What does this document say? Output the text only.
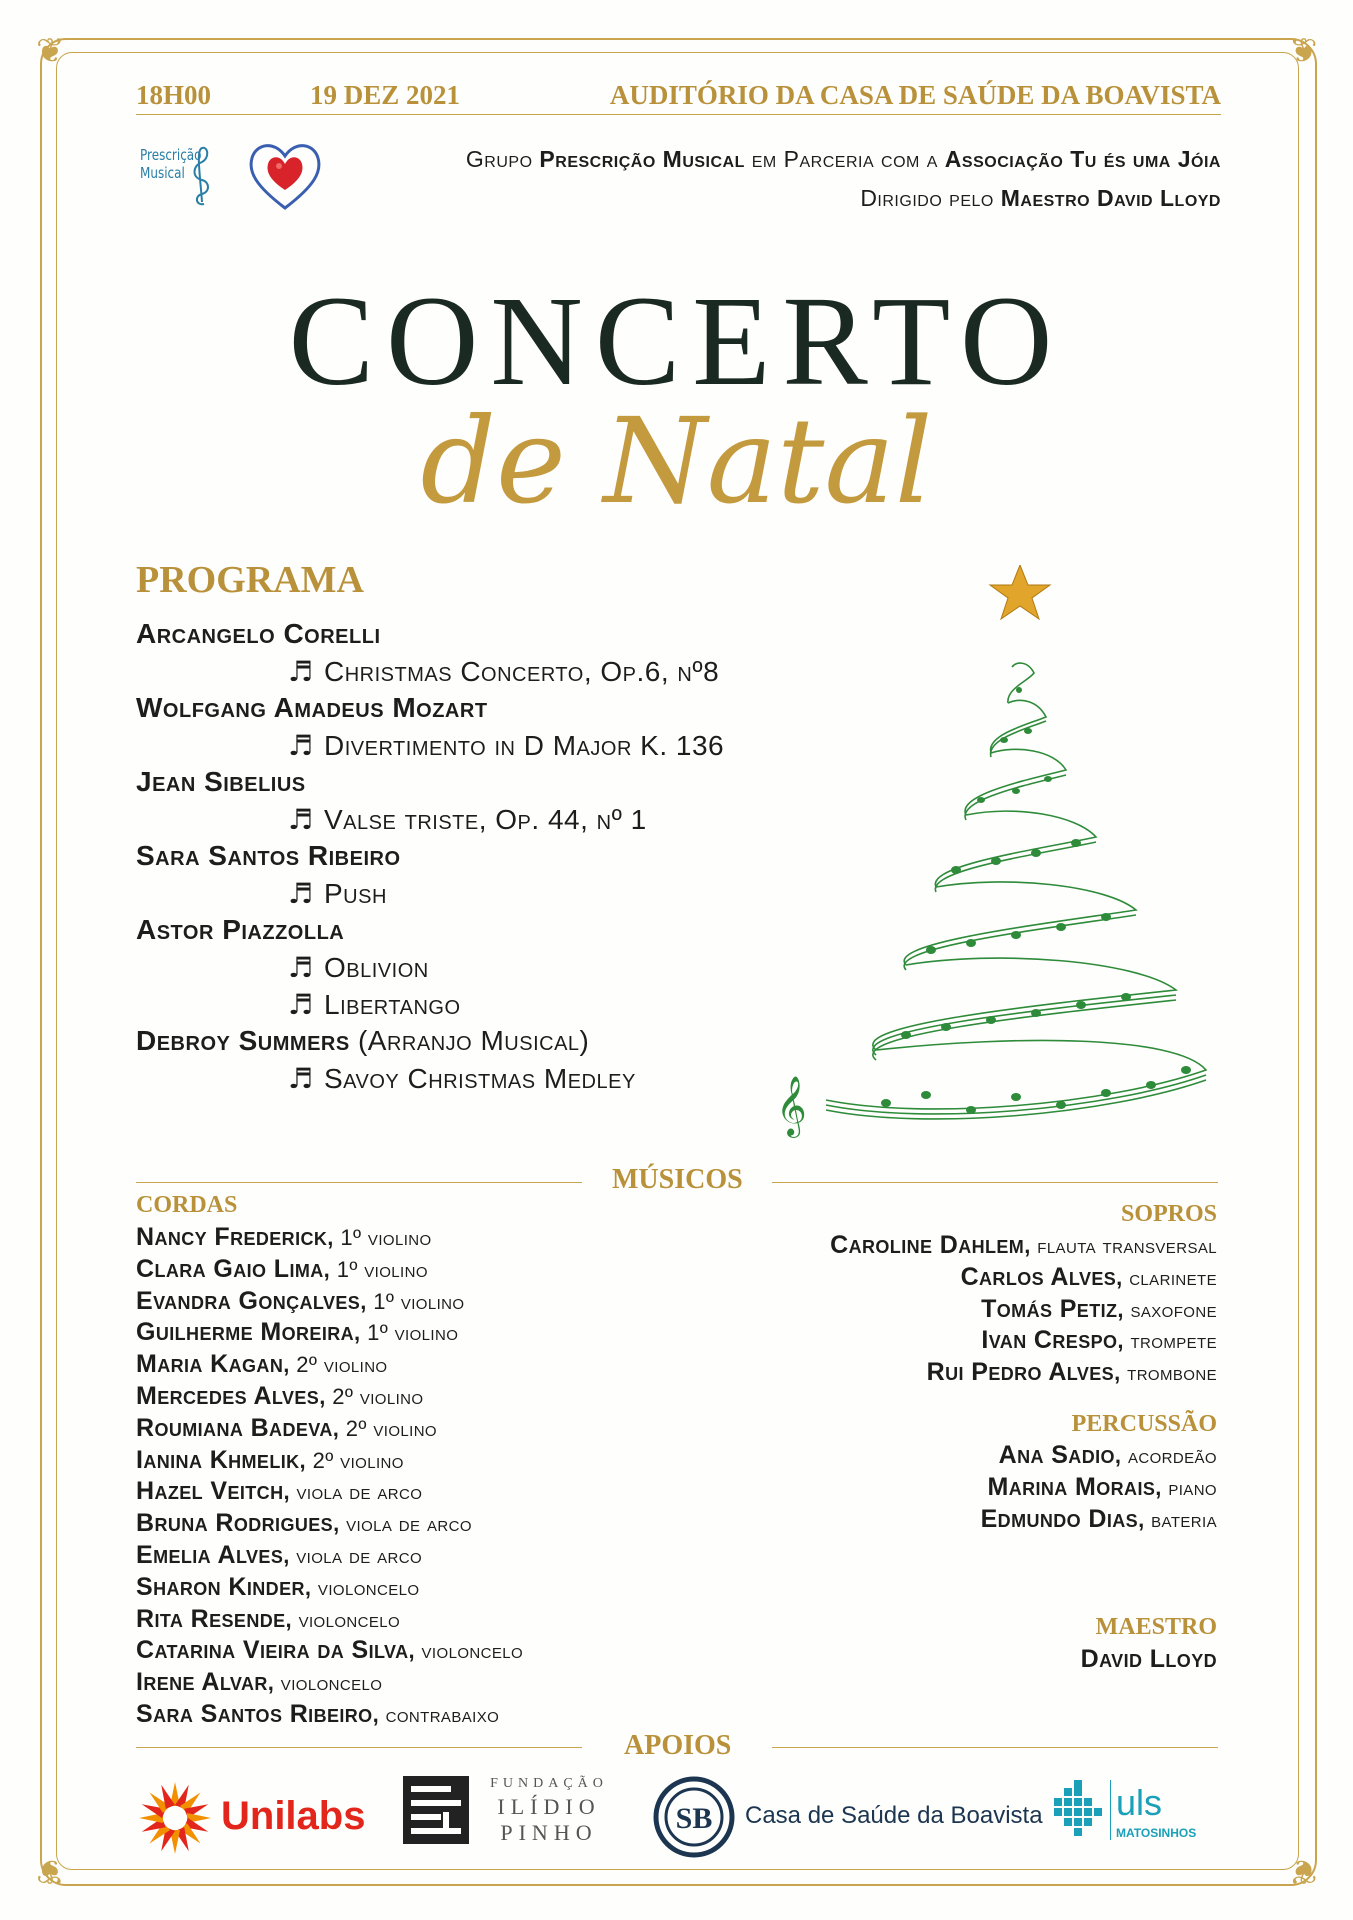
❦	❦
❦	❦
18H00	19 DEZ 2021	AUDITÓRIO DA CASA DE SAÚDE DA BOAVISTA
Prescrição
Musical
Grupo Prescrição Musical em Parceria com a Associação Tu és uma Jóia
Dirigido pelo Maestro David Lloyd
CONCERTO
de Natal
PROGRAMA
Arcangelo Corelli
♬ Christmas Concerto, Op.6, nº8
Wolfgang Amadeus Mozart
♬ Divertimento in D Major K. 136
Jean Sibelius
♬ Valse triste, Op. 44, nº 1
Sara Santos Ribeiro
♬ Push
Astor Piazzolla
♬ Oblivion
♬ Libertango
Debroy Summers (Arranjo Musical)
♬ Savoy Christmas Medley	𝄞
MÚSICOS
CORDAS
Nancy Frederick, 1º violino
Clara Gaio Lima, 1º violino
Evandra Gonçalves, 1º violino
Guilherme Moreira, 1º violino
Maria Kagan, 2º violino
Mercedes Alves, 2º violino
Roumiana Badeva, 2º violino
Ianina Khmelik, 2º violino
Hazel Veitch, viola de arco
Bruna Rodrigues, viola de arco
Emelia Alves, viola de arco
Sharon Kinder, violoncelo
Rita Resende, violoncelo
Catarina Vieira da Silva, violoncelo
Irene Alvar, violoncelo
Sara Santos Ribeiro, contrabaixo
SOPROS
Caroline Dahlem, flauta transversal
Carlos Alves, clarinete
Tomás Petiz, saxofone
Ivan Crespo, trompete
Rui Pedro Alves, trombone
PERCUSSÃO
Ana Sadio, acordeão
Marina Morais, piano
Edmundo Dias, bateria
MAESTRO
David Lloyd
APOIOS
Unilabs
FUNDAÇÃO
ILÍDIO
PINHO	SB Casa de Saúde da Boavista uls
MATOSINHOS
